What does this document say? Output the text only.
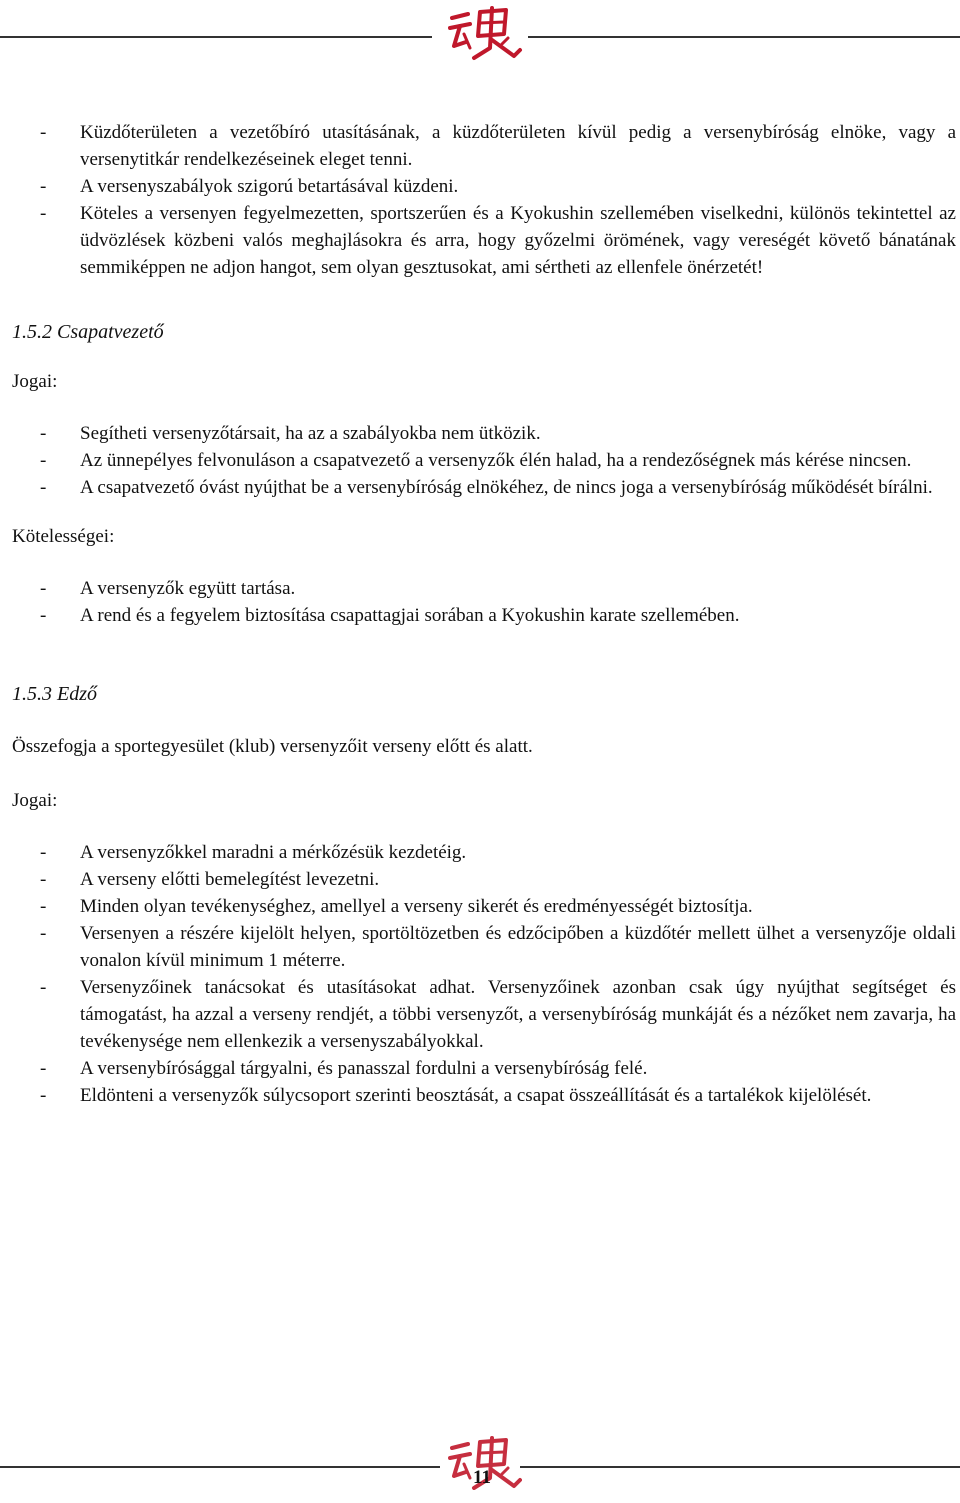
- Küzdőterületen a vezetőbíró utasításának, a küzdőterületen kívül pedig a versenybíróság elnöke, vagy a versenytitkár rendelkezéseinek eleget tenni.
- A versenyszabályok szigorú betartásával küzdeni.
- Köteles a versenyen fegyelmezetten, sportszerűen és a Kyokushin szellemében viselkedni, különös tekintettel az üdvözlések közbeni valós meghajlásokra és arra, hogy győzelmi örömének, vagy vereségét követő bánatának semmiképpen ne adjon hangot, sem olyan gesztusokat, ami sértheti az ellenfele önérzetét!

1.5.2 Csapatvezető

Jogai:

- Segítheti versenyzőtársait, ha az a szabályokba nem ütközik.
- Az ünnepélyes felvonuláson a csapatvezető a versenyzők élén halad, ha a rendezőségnek más kérése nincsen.
- A csapatvezető óvást nyújthat be a versenybíróság elnökéhez, de nincs joga a versenybíróság működését bírálni.

Kötelességei:

- A versenyzők együtt tartása.
- A rend és a fegyelem biztosítása csapattagjai sorában a Kyokushin karate szellemében.

1.5.3 Edző

Összefogja a sportegyesület (klub) versenyzőit verseny előtt és alatt.

Jogai:

- A versenyzőkkel maradni a mérkőzésük kezdetéig.
- A verseny előtti bemelegítést levezetni.
- Minden olyan tevékenységhez, amellyel a verseny sikerét és eredményességét biztosítja.
- Versenyen a részére kijelölt helyen, sportöltözetben és edzőcipőben a küzdőtér mellett ülhet a versenyzője oldali vonalon kívül minimum 1 méterre.
- Versenyzőinek tanácsokat és utasításokat adhat. Versenyzőinek azonban csak úgy nyújthat segítséget és támogatást, ha azzal a verseny rendjét, a többi versenyzőt, a versenybíróság munkáját és a nézőket nem zavarja, ha tevékenysége nem ellenkezik a versenyszabályokkal.
- A versenybírósággal tárgyalni, és panasszal fordulni a versenybíróság felé.
- Eldönteni a versenyzők súlycsoport szerinti beosztását, a csapat összeállítását és a tartalékok kijelölését.
11
